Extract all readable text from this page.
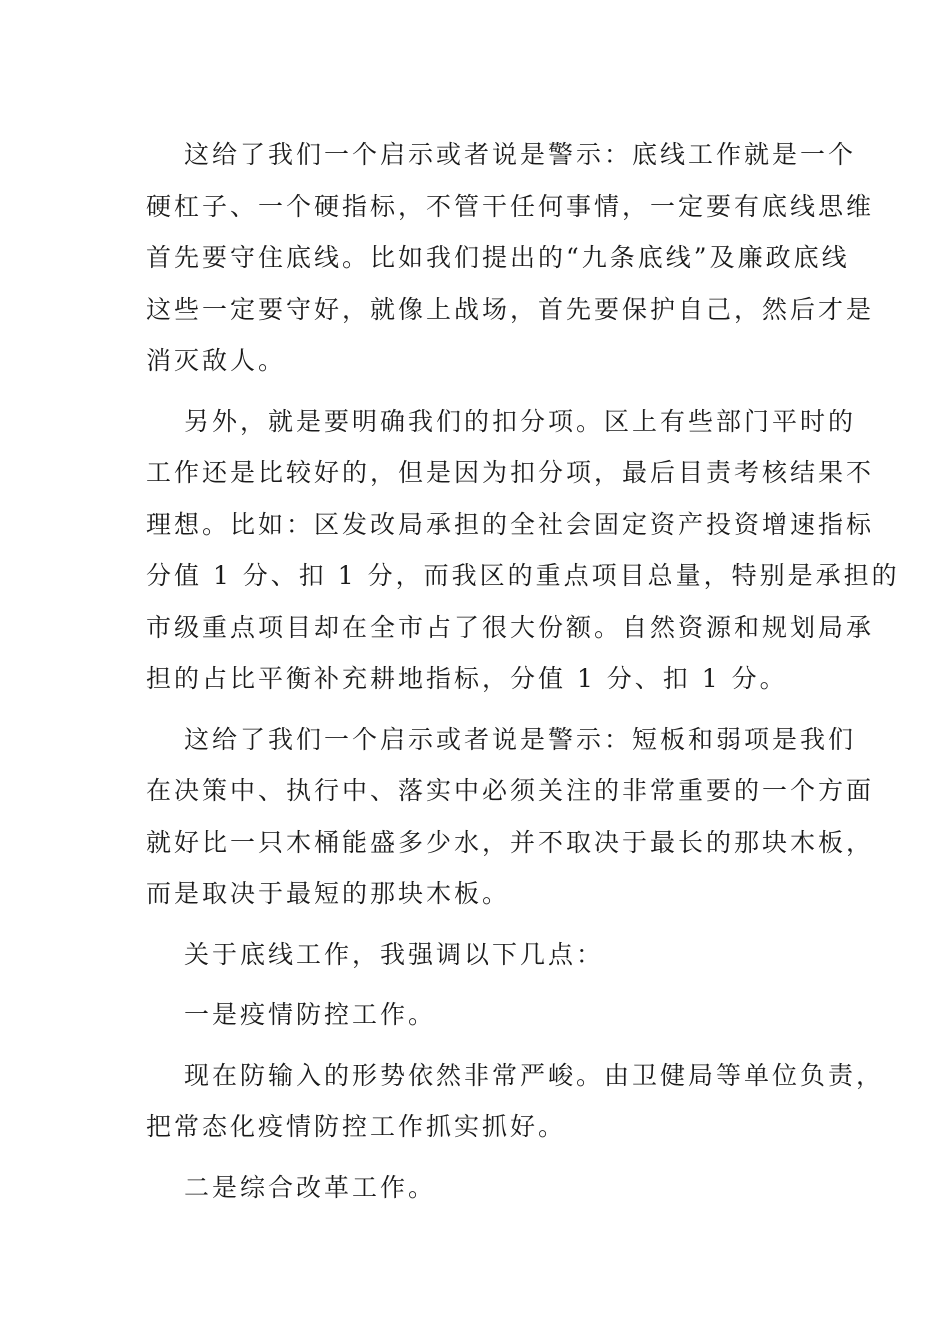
这给了我们一个启示或者说是警示：底线工作就是一个
硬杠子、一个硬指标，不管干任何事情，一定要有底线思维
首先要守住底线。比如我们提出的“九条底线”及廉政底线
这些一定要守好，就像上战场，首先要保护自己，然后才是
消灭敌人。
另外，就是要明确我们的扣分项。区上有些部门平时的
工作还是比较好的，但是因为扣分项，最后目责考核结果不
理想。比如：区发改局承担的全社会固定资产投资增速指标
分值 1 分、扣 1 分，而我区的重点项目总量，特别是承担的
市级重点项目却在全市占了很大份额。自然资源和规划局承
担的占比平衡补充耕地指标，分值 1 分、扣 1 分。
这给了我们一个启示或者说是警示：短板和弱项是我们
在决策中、执行中、落实中必须关注的非常重要的一个方面
就好比一只木桶能盛多少水，并不取决于最长的那块木板，
而是取决于最短的那块木板。
关于底线工作，我强调以下几点：
一是疫情防控工作。
现在防输入的形势依然非常严峻。由卫健局等单位负责，
把常态化疫情防控工作抓实抓好。
二是综合改革工作。
